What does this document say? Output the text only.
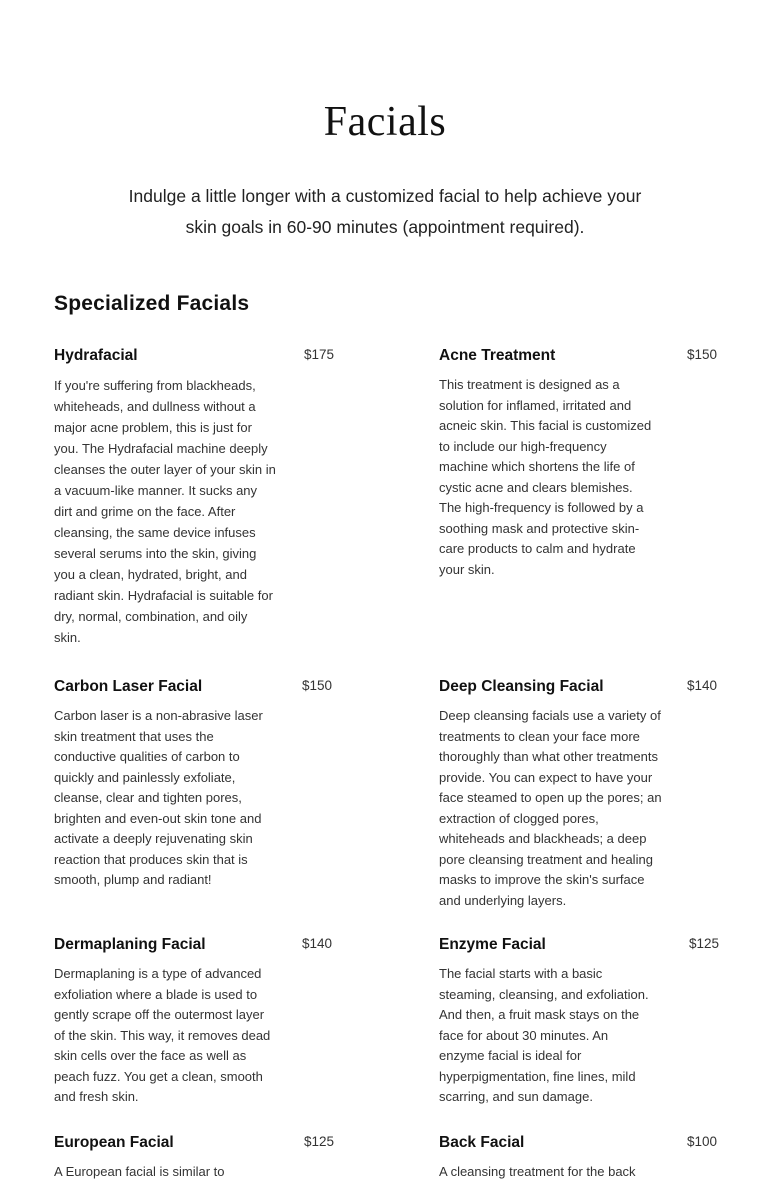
Facials

Indulge a little longer with a customized facial to help achieve your skin goals in 60-90 minutes (appointment required).

Specialized Facials
Hydrafacial	$175

If you're suffering from blackheads, whiteheads, and dullness without a major acne problem, this is just for you. The Hydrafacial machine deeply cleanses the outer layer of your skin in a vacuum-like manner. It sucks any dirt and grime on the face. After cleansing, the same device infuses several serums into the skin, giving you a clean, hydrated, bright, and radiant skin. Hydrafacial is suitable for dry, normal, combination, and oily skin.

Acne Treatment	$150

This treatment is designed as a solution for inflamed, irritated and acneic skin. This facial is customized to include our high-frequency machine which shortens the life of cystic acne and clears blemishes. The high-frequency is followed by a soothing mask and protective skin-care products to calm and hydrate your skin.

Carbon Laser Facial	$150

Carbon laser is a non-abrasive laser skin treatment that uses the conductive qualities of carbon to quickly and painlessly exfoliate, cleanse, clear and tighten pores, brighten and even-out skin tone and activate a deeply rejuvenating skin reaction that produces skin that is smooth, plump and radiant!

Deep Cleansing Facial	$140

Deep cleansing facials use a variety of treatments to clean your face more thoroughly than what other treatments provide. You can expect to have your face steamed to open up the pores; an extraction of clogged pores, whiteheads and blackheads; a deep pore cleansing treatment and healing masks to improve the skin's surface and underlying layers.

Dermaplaning Facial	$140

Dermaplaning is a type of advanced exfoliation where a blade is used to gently scrape off the outermost layer of the skin. This way, it removes dead skin cells over the face as well as peach fuzz. You get a clean, smooth and fresh skin.

Enzyme Facial	$125

The facial starts with a basic steaming, cleansing, and exfoliation. And then, a fruit mask stays on the face for about 30 minutes. An enzyme facial is ideal for hyperpigmentation, fine lines, mild scarring, and sun damage.

European Facial	$125

A European facial is similar to

Back Facial	$100

A cleansing treatment for the back
